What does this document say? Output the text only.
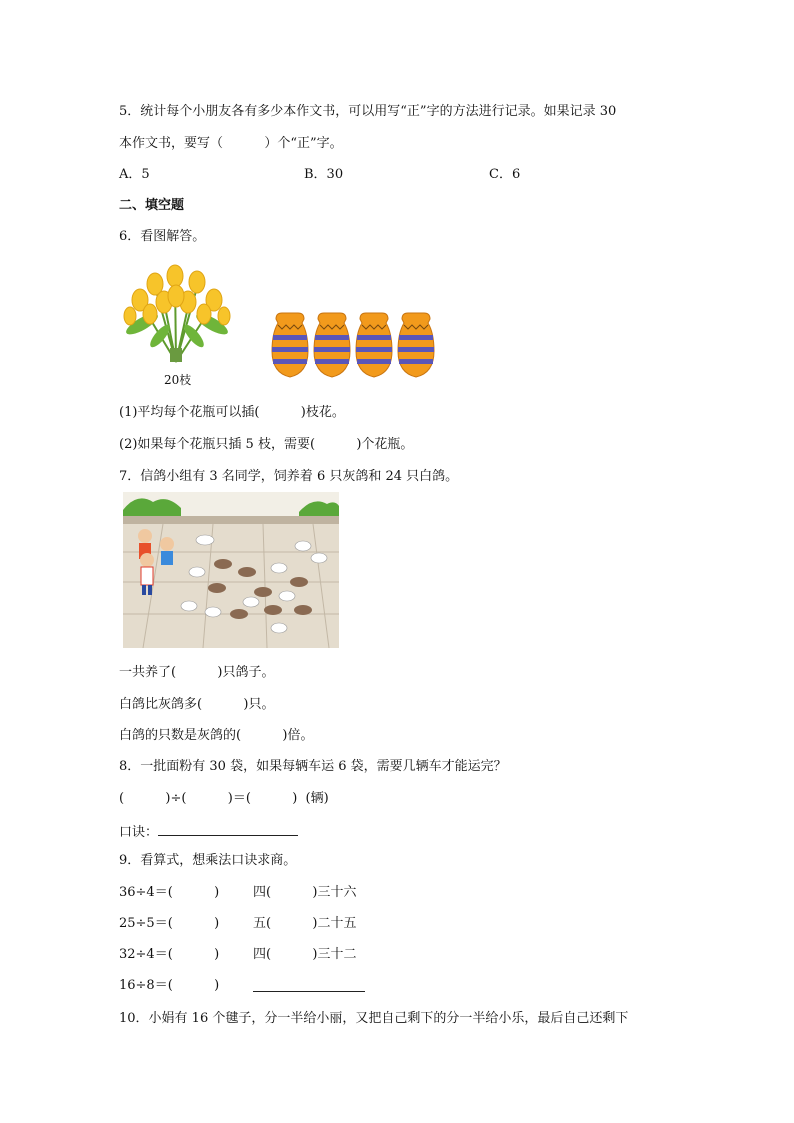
5．统计每个小朋友各有多少本作文书，可以用写“正”字的方法进行记录。如果记录 30
本作文书，要写（          ）个“正”字。
A．5	B．30	C．6
二、填空题
6．看图解答。
20枝
(1)平均每个花瓶可以插(          )枝花。
(2)如果每个花瓶只插 5 枝，需要(          )个花瓶。
7．信鸽小组有 3 名同学，饲养着 6 只灰鸽和 24 只白鸽。
一共养了(          )只鸽子。
白鸽比灰鸽多(          )只。
白鸽的只数是灰鸽的(          )倍。
8．一批面粉有 30 袋，如果每辆车运 6 袋，需要几辆车才能运完？
(          )÷(          )＝(          )  (辆)
口诀：
9．看算式，想乘法口诀求商。
36÷4＝(          )	四(          )三十六
25÷5＝(          )	五(          )二十五
32÷4＝(          )	四(          )三十二
16÷8＝(          )
10．小娟有 16 个毽子，分一半给小丽，又把自己剩下的分一半给小乐，最后自己还剩下
